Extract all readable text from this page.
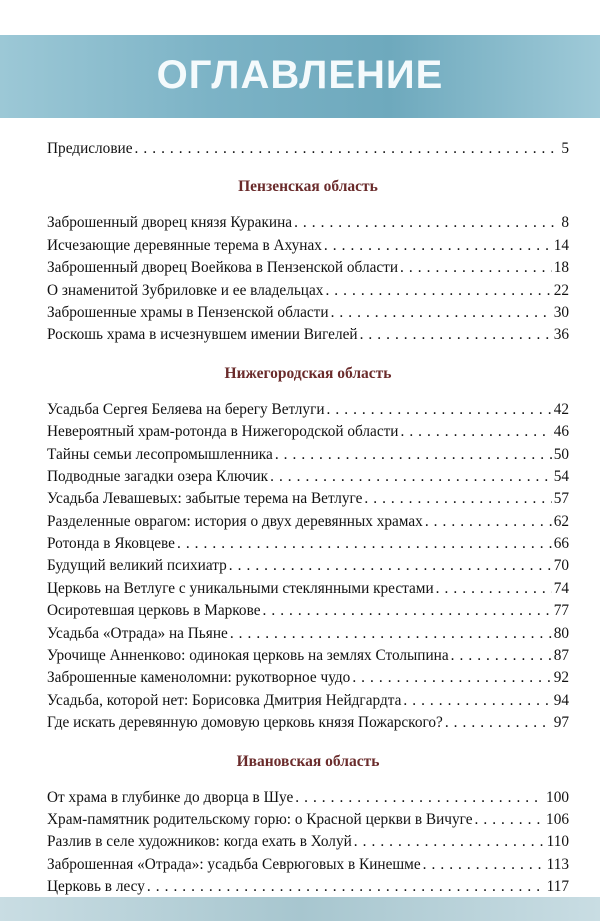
ОГЛАВЛЕНИЕ
Предисловие . . .	5
Пензенская область
Заброшенный дворец князя Куракина . . .	8
Исчезающие деревянные терема в Ахунах . . .	14
Заброшенный дворец Воейкова в Пензенской области . . .	18
О знаменитой Зубриловке и ее владельцах . . .	22
Заброшенные храмы в Пензенской области . . .	30
Роскошь храма в исчезнувшем имении Вигелей . . .	36
Нижегородская область
Усадьба Сергея Беляева на берегу Ветлуги . . .	42
Невероятный храм-ротонда в Нижегородской области . . .	46
Тайны семьи лесопромышленника . . .	50
Подводные загадки озера Ключик . . .	54
Усадьба Левашевых: забытые терема на Ветлуге . . .	57
Разделенные оврагом: история о двух деревянных храмах . . .	62
Ротонда в Яковцеве . . .	66
Будущий великий психиатр . . .	70
Церковь на Ветлуге с уникальными стеклянными крестами . . .	74
Осиротевшая церковь в Маркове . . .	77
Усадьба «Отрада» на Пьяне . . .	80
Урочище Анненково: одинокая церковь на землях Столыпина . . .	87
Заброшенные каменоломни: рукотворное чудо . . .	92
Усадьба, которой нет: Борисовка Дмитрия Нейдгардта . . .	94
Где искать деревянную домовую церковь князя Пожарского? . . .	97
Ивановская область
От храма в глубинке до дворца в Шуе . . .	100
Храм-памятник родительскому горю: о Красной церкви в Вичуге . . .	106
Разлив в селе художников: когда ехать в Холуй . . .	110
Заброшенная «Отрада»: усадьба Севрюговых в Кинешме . . .	113
Церковь в лесу . . .	117
. . .
